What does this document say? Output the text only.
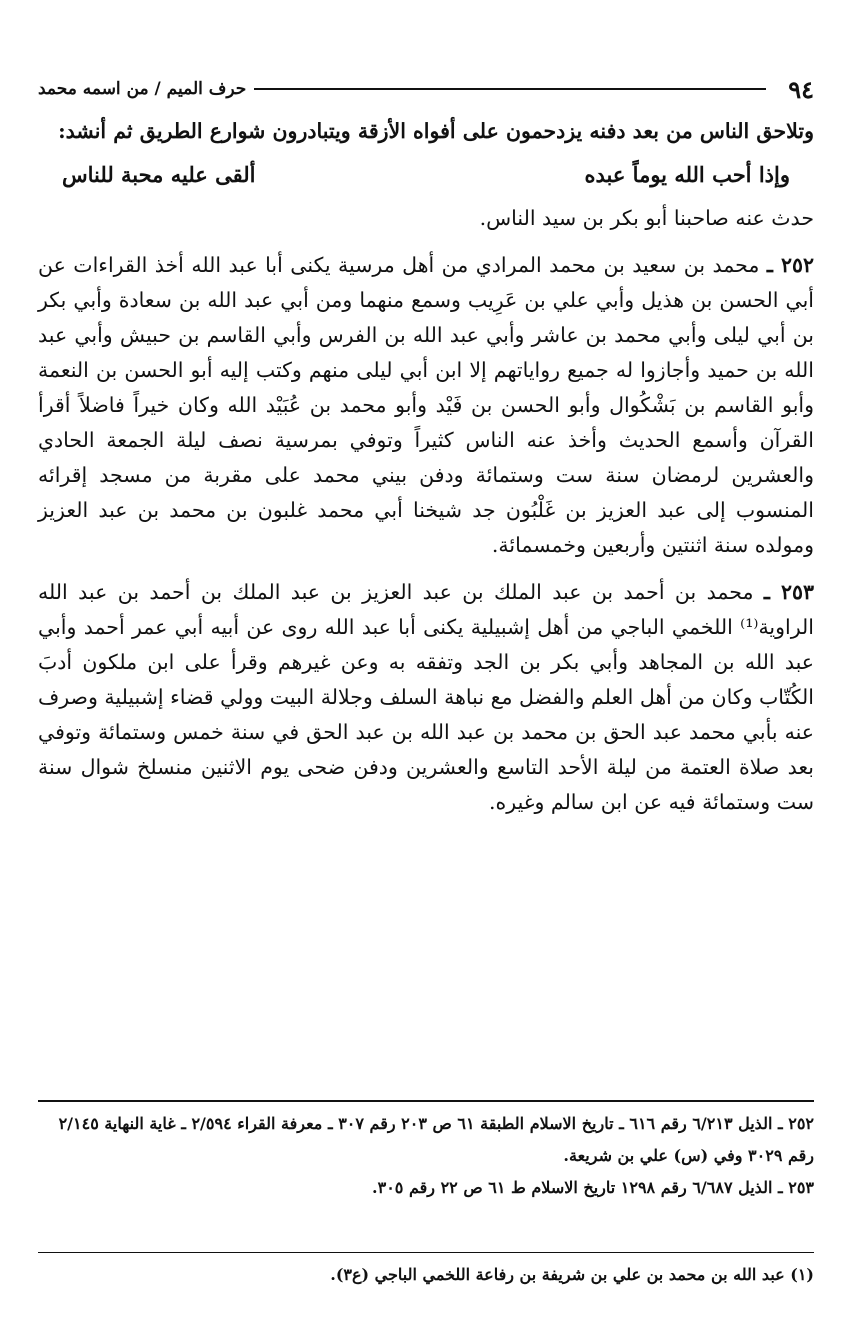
٩٤
حرف الميم / من اسمه محمد

وتلاحق الناس من بعد دفنه يزدحمون على أفواه الأزقة ويتبادرون شوارع الطريق ثم أنشد:

وإذا أحب الله يوماً عبده
ألقى عليه محبة للناس

حدث عنه صاحبنا أبو بكر بن سيد الناس.

٢٥٢ ـ محمد بن سعيد بن محمد المرادي من أهل مرسية يكنى أبا عبد الله أخذ القراءات عن أبي الحسن بن هذيل وأبي علي بن عَرِيب وسمع منهما ومن أبي عبد الله بن سعادة وأبي بكر بن أبي ليلى وأبي محمد بن عاشر وأبي عبد الله بن الفرس وأبي القاسم بن حبيش وأبي عبد الله بن حميد وأجازوا له جميع رواياتهم إلا ابن أبي ليلى منهم وكتب إليه أبو الحسن بن النعمة وأبو القاسم بن بَشْكُوال وأبو الحسن بن فَيْد وأبو محمد بن عُبَيْد الله وكان خيراً فاضلاً أقرأ القرآن وأسمع الحديث وأخذ عنه الناس كثيراً وتوفي بمرسية نصف ليلة الجمعة الحادي والعشرين لرمضان سنة ست وستمائة ودفن بيني محمد على مقربة من مسجد إقرائه المنسوب إلى عبد العزيز بن غَلْبُون جد شيخنا أبي محمد غلبون بن محمد بن عبد العزيز ومولده سنة اثنتين وأربعين وخمسمائة.

٢٥٣ ـ محمد بن أحمد بن عبد الملك بن عبد العزيز بن عبد الملك بن أحمد بن عبد الله الراوية⁽¹⁾ اللخمي الباجي من أهل إشبيلية يكنى أبا عبد الله روى عن أبيه أبي عمر أحمد وأبي عبد الله بن المجاهد وأبي بكر بن الجد وتفقه به وعن غيرهم وقرأ على ابن ملكون أدبَ الكُتّاب وكان من أهل العلم والفضل مع نباهة السلف وجلالة البيت وولي قضاء إشبيلية وصرف عنه بأبي محمد عبد الحق بن محمد بن عبد الله بن عبد الحق في سنة خمس وستمائة وتوفي بعد صلاة العتمة من ليلة الأحد التاسع والعشرين ودفن ضحى يوم الاثنين منسلخ شوال سنة ست وستمائة فيه عن ابن سالم وغيره.

٢٥٢ ـ الذيل ٦/٢١٣ رقم ٦١٦ ـ تاريخ الاسلام الطبقة ٦١ ص ٢٠٣ رقم ٣٠٧ ـ معرفة القراء ٢/٥٩٤ ـ غاية النهاية ٢/١٤٥ رقم ٣٠٢٩ وفي (س) علي بن شريعة.

٢٥٣ ـ الذيل ٦/٦٨٧ رقم ١٢٩٨ تاريخ الاسلام ط ٦١ ص ٢٢ رقم ٣٠٥.

(١) عبد الله بن محمد بن علي بن شريفة بن رفاعة اللخمي الباجي (ع٣).
